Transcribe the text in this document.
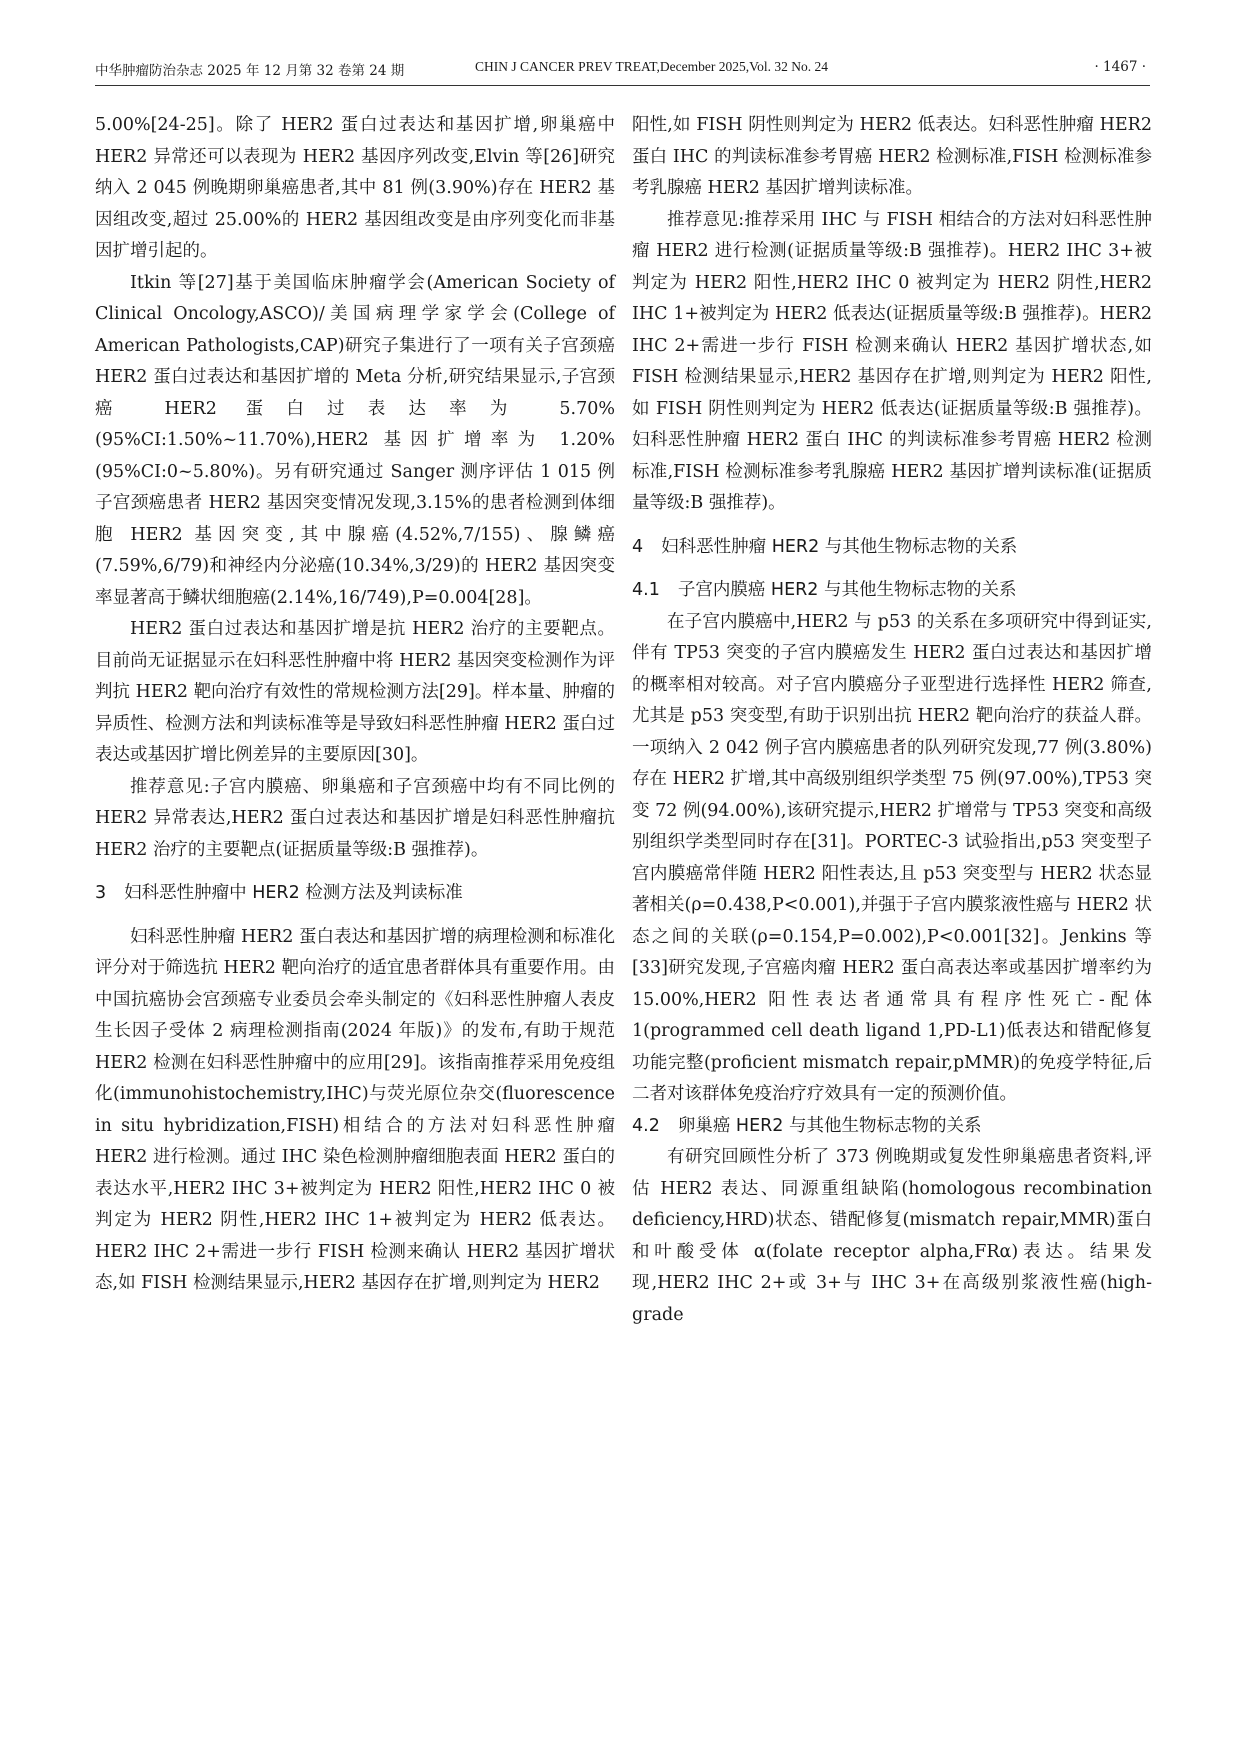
中华肿瘤防治杂志 2025 年 12 月第 32 卷第 24 期	CHIN J CANCER PREV TREAT,December 2025,Vol. 32 No. 24	· 1467 ·

5.00%[24-25]。除了 HER2 蛋白过表达和基因扩增,卵巢癌中 HER2 异常还可以表现为 HER2 基因序列改变,Elvin 等[26]研究纳入 2 045 例晚期卵巢癌患者,其中 81 例(3.90%)存在 HER2 基因组改变,超过 25.00%的 HER2 基因组改变是由序列变化而非基因扩增引起的。

Itkin 等[27]基于美国临床肿瘤学会(American Society of Clinical Oncology,ASCO)/美国病理学家学会(College of American Pathologists,CAP)研究子集进行了一项有关子宫颈癌 HER2 蛋白过表达和基因扩增的 Meta 分析,研究结果显示,子宫颈癌 HER2 蛋白过表达率为 5.70%(95%CI:1.50%~11.70%),HER2 基因扩增率为 1.20%(95%CI:0~5.80%)。另有研究通过 Sanger 测序评估 1 015 例子宫颈癌患者 HER2 基因突变情况发现,3.15%的患者检测到体细胞 HER2 基因突变,其中腺癌(4.52%,7/155)、腺鳞癌(7.59%,6/79)和神经内分泌癌(10.34%,3/29)的 HER2 基因突变率显著高于鳞状细胞癌(2.14%,16/749),P=0.004[28]。

HER2 蛋白过表达和基因扩增是抗 HER2 治疗的主要靶点。目前尚无证据显示在妇科恶性肿瘤中将 HER2 基因突变检测作为评判抗 HER2 靶向治疗有效性的常规检测方法[29]。样本量、肿瘤的异质性、检测方法和判读标准等是导致妇科恶性肿瘤 HER2 蛋白过表达或基因扩增比例差异的主要原因[30]。

推荐意见:子宫内膜癌、卵巢癌和子宫颈癌中均有不同比例的 HER2 异常表达,HER2 蛋白过表达和基因扩增是妇科恶性肿瘤抗 HER2 治疗的主要靶点(证据质量等级:B 强推荐)。

3 妇科恶性肿瘤中 HER2 检测方法及判读标准

妇科恶性肿瘤 HER2 蛋白表达和基因扩增的病理检测和标准化评分对于筛选抗 HER2 靶向治疗的适宜患者群体具有重要作用。由中国抗癌协会宫颈癌专业委员会牵头制定的《妇科恶性肿瘤人表皮生长因子受体 2 病理检测指南(2024 年版)》的发布,有助于规范 HER2 检测在妇科恶性肿瘤中的应用[29]。该指南推荐采用免疫组化(immunohistochemistry,IHC)与荧光原位杂交(fluorescence in situ hybridization,FISH)相结合的方法对妇科恶性肿瘤 HER2 进行检测。通过 IHC 染色检测肿瘤细胞表面 HER2 蛋白的表达水平,HER2 IHC 3+被判定为 HER2 阳性,HER2 IHC 0 被判定为 HER2 阴性,HER2 IHC 1+被判定为 HER2 低表达。HER2 IHC 2+需进一步行 FISH 检测来确认 HER2 基因扩增状态,如 FISH 检测结果显示,HER2 基因存在扩增,则判定为 HER2

阳性,如 FISH 阴性则判定为 HER2 低表达。妇科恶性肿瘤 HER2 蛋白 IHC 的判读标准参考胃癌 HER2 检测标准,FISH 检测标准参考乳腺癌 HER2 基因扩增判读标准。

推荐意见:推荐采用 IHC 与 FISH 相结合的方法对妇科恶性肿瘤 HER2 进行检测(证据质量等级:B 强推荐)。HER2 IHC 3+被判定为 HER2 阳性,HER2 IHC 0 被判定为 HER2 阴性,HER2 IHC 1+被判定为 HER2 低表达(证据质量等级:B 强推荐)。HER2 IHC 2+需进一步行 FISH 检测来确认 HER2 基因扩增状态,如 FISH 检测结果显示,HER2 基因存在扩增,则判定为 HER2 阳性,如 FISH 阴性则判定为 HER2 低表达(证据质量等级:B 强推荐)。妇科恶性肿瘤 HER2 蛋白 IHC 的判读标准参考胃癌 HER2 检测标准,FISH 检测标准参考乳腺癌 HER2 基因扩增判读标准(证据质量等级:B 强推荐)。

4 妇科恶性肿瘤 HER2 与其他生物标志物的关系
4.1 子宫内膜癌 HER2 与其他生物标志物的关系

在子宫内膜癌中,HER2 与 p53 的关系在多项研究中得到证实,伴有 TP53 突变的子宫内膜癌发生 HER2 蛋白过表达和基因扩增的概率相对较高。对子宫内膜癌分子亚型进行选择性 HER2 筛查,尤其是 p53 突变型,有助于识别出抗 HER2 靶向治疗的获益人群。一项纳入 2 042 例子宫内膜癌患者的队列研究发现,77 例(3.80%)存在 HER2 扩增,其中高级别组织学类型 75 例(97.00%),TP53 突变 72 例(94.00%),该研究提示,HER2 扩增常与 TP53 突变和高级别组织学类型同时存在[31]。PORTEC-3 试验指出,p53 突变型子宫内膜癌常伴随 HER2 阳性表达,且 p53 突变型与 HER2 状态显著相关(ρ=0.438,P<0.001),并强于子宫内膜浆液性癌与 HER2 状态之间的关联(ρ=0.154,P=0.002),P<0.001[32]。Jenkins 等[33]研究发现,子宫癌肉瘤 HER2 蛋白高表达率或基因扩增率约为 15.00%,HER2 阳性表达者通常具有程序性死亡-配体 1(programmed cell death ligand 1,PD-L1)低表达和错配修复功能完整(proficient mismatch repair,pMMR)的免疫学特征,后二者对该群体免疫治疗疗效具有一定的预测价值。

4.2 卵巢癌 HER2 与其他生物标志物的关系

有研究回顾性分析了 373 例晚期或复发性卵巢癌患者资料,评估 HER2 表达、同源重组缺陷(homologous recombination deficiency,HRD)状态、错配修复(mismatch repair,MMR)蛋白和叶酸受体 α(folate receptor alpha,FRα)表达。结果发现,HER2 IHC 2+或 3+与 IHC 3+在高级别浆液性癌(high-grade
